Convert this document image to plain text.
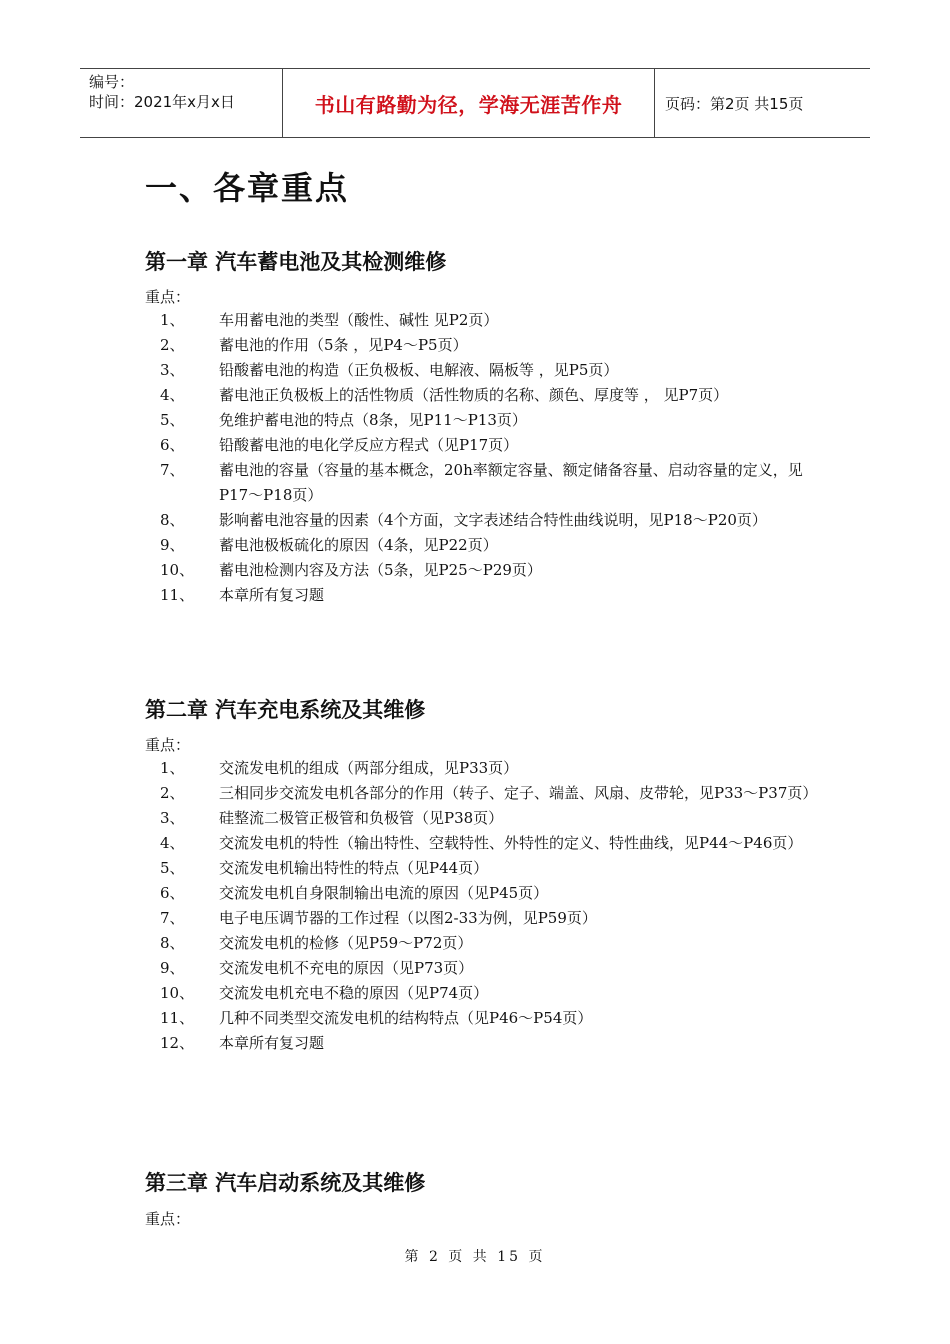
编号：
时间：2021年x月x日	书山有路勤为径，学海无涯苦作舟	页码：第2页 共15页
一、各章重点
第一章 汽车蓄电池及其检测维修
重点：
1、 车用蓄电池的类型（酸性、碱性 见P2页）
2、 蓄电池的作用（5条 ，见P4～P5页）
3、 铅酸蓄电池的构造（正负极板、电解液、隔板等 ，见P5页）
4、 蓄电池正负极板上的活性物质（活性物质的名称、颜色、厚度等 ， 见P7页）
5、 免维护蓄电池的特点（8条，见P11～P13页）
6、 铅酸蓄电池的电化学反应方程式（见P17页）
7、 蓄电池的容量（容量的基本概念，20h率额定容量、额定储备容量、启动容量的定义，见P17～P18页）
8、 影响蓄电池容量的因素（4个方面，文字表述结合特性曲线说明，见P18～P20页）
9、 蓄电池极板硫化的原因（4条，见P22页）
10、 蓄电池检测内容及方法（5条，见P25～P29页）
11、 本章所有复习题
第二章 汽车充电系统及其维修
重点：
1、 交流发电机的组成（两部分组成，见P33页）
2、 三相同步交流发电机各部分的作用（转子、定子、端盖、风扇、皮带轮，见P33～P37页）
3、 硅整流二极管正极管和负极管（见P38页）
4、 交流发电机的特性（输出特性、空载特性、外特性的定义、特性曲线，见P44～P46页）
5、 交流发电机输出特性的特点（见P44页）
6、 交流发电机自身限制输出电流的原因（见P45页）
7、 电子电压调节器的工作过程（以图2-33为例，见P59页）
8、 交流发电机的检修（见P59～P72页）
9、 交流发电机不充电的原因（见P73页）
10、 交流发电机充电不稳的原因（见P74页）
11、 几种不同类型交流发电机的结构特点（见P46～P54页）
12、 本章所有复习题
第三章 汽车启动系统及其维修
重点：
第 2 页 共 15 页
